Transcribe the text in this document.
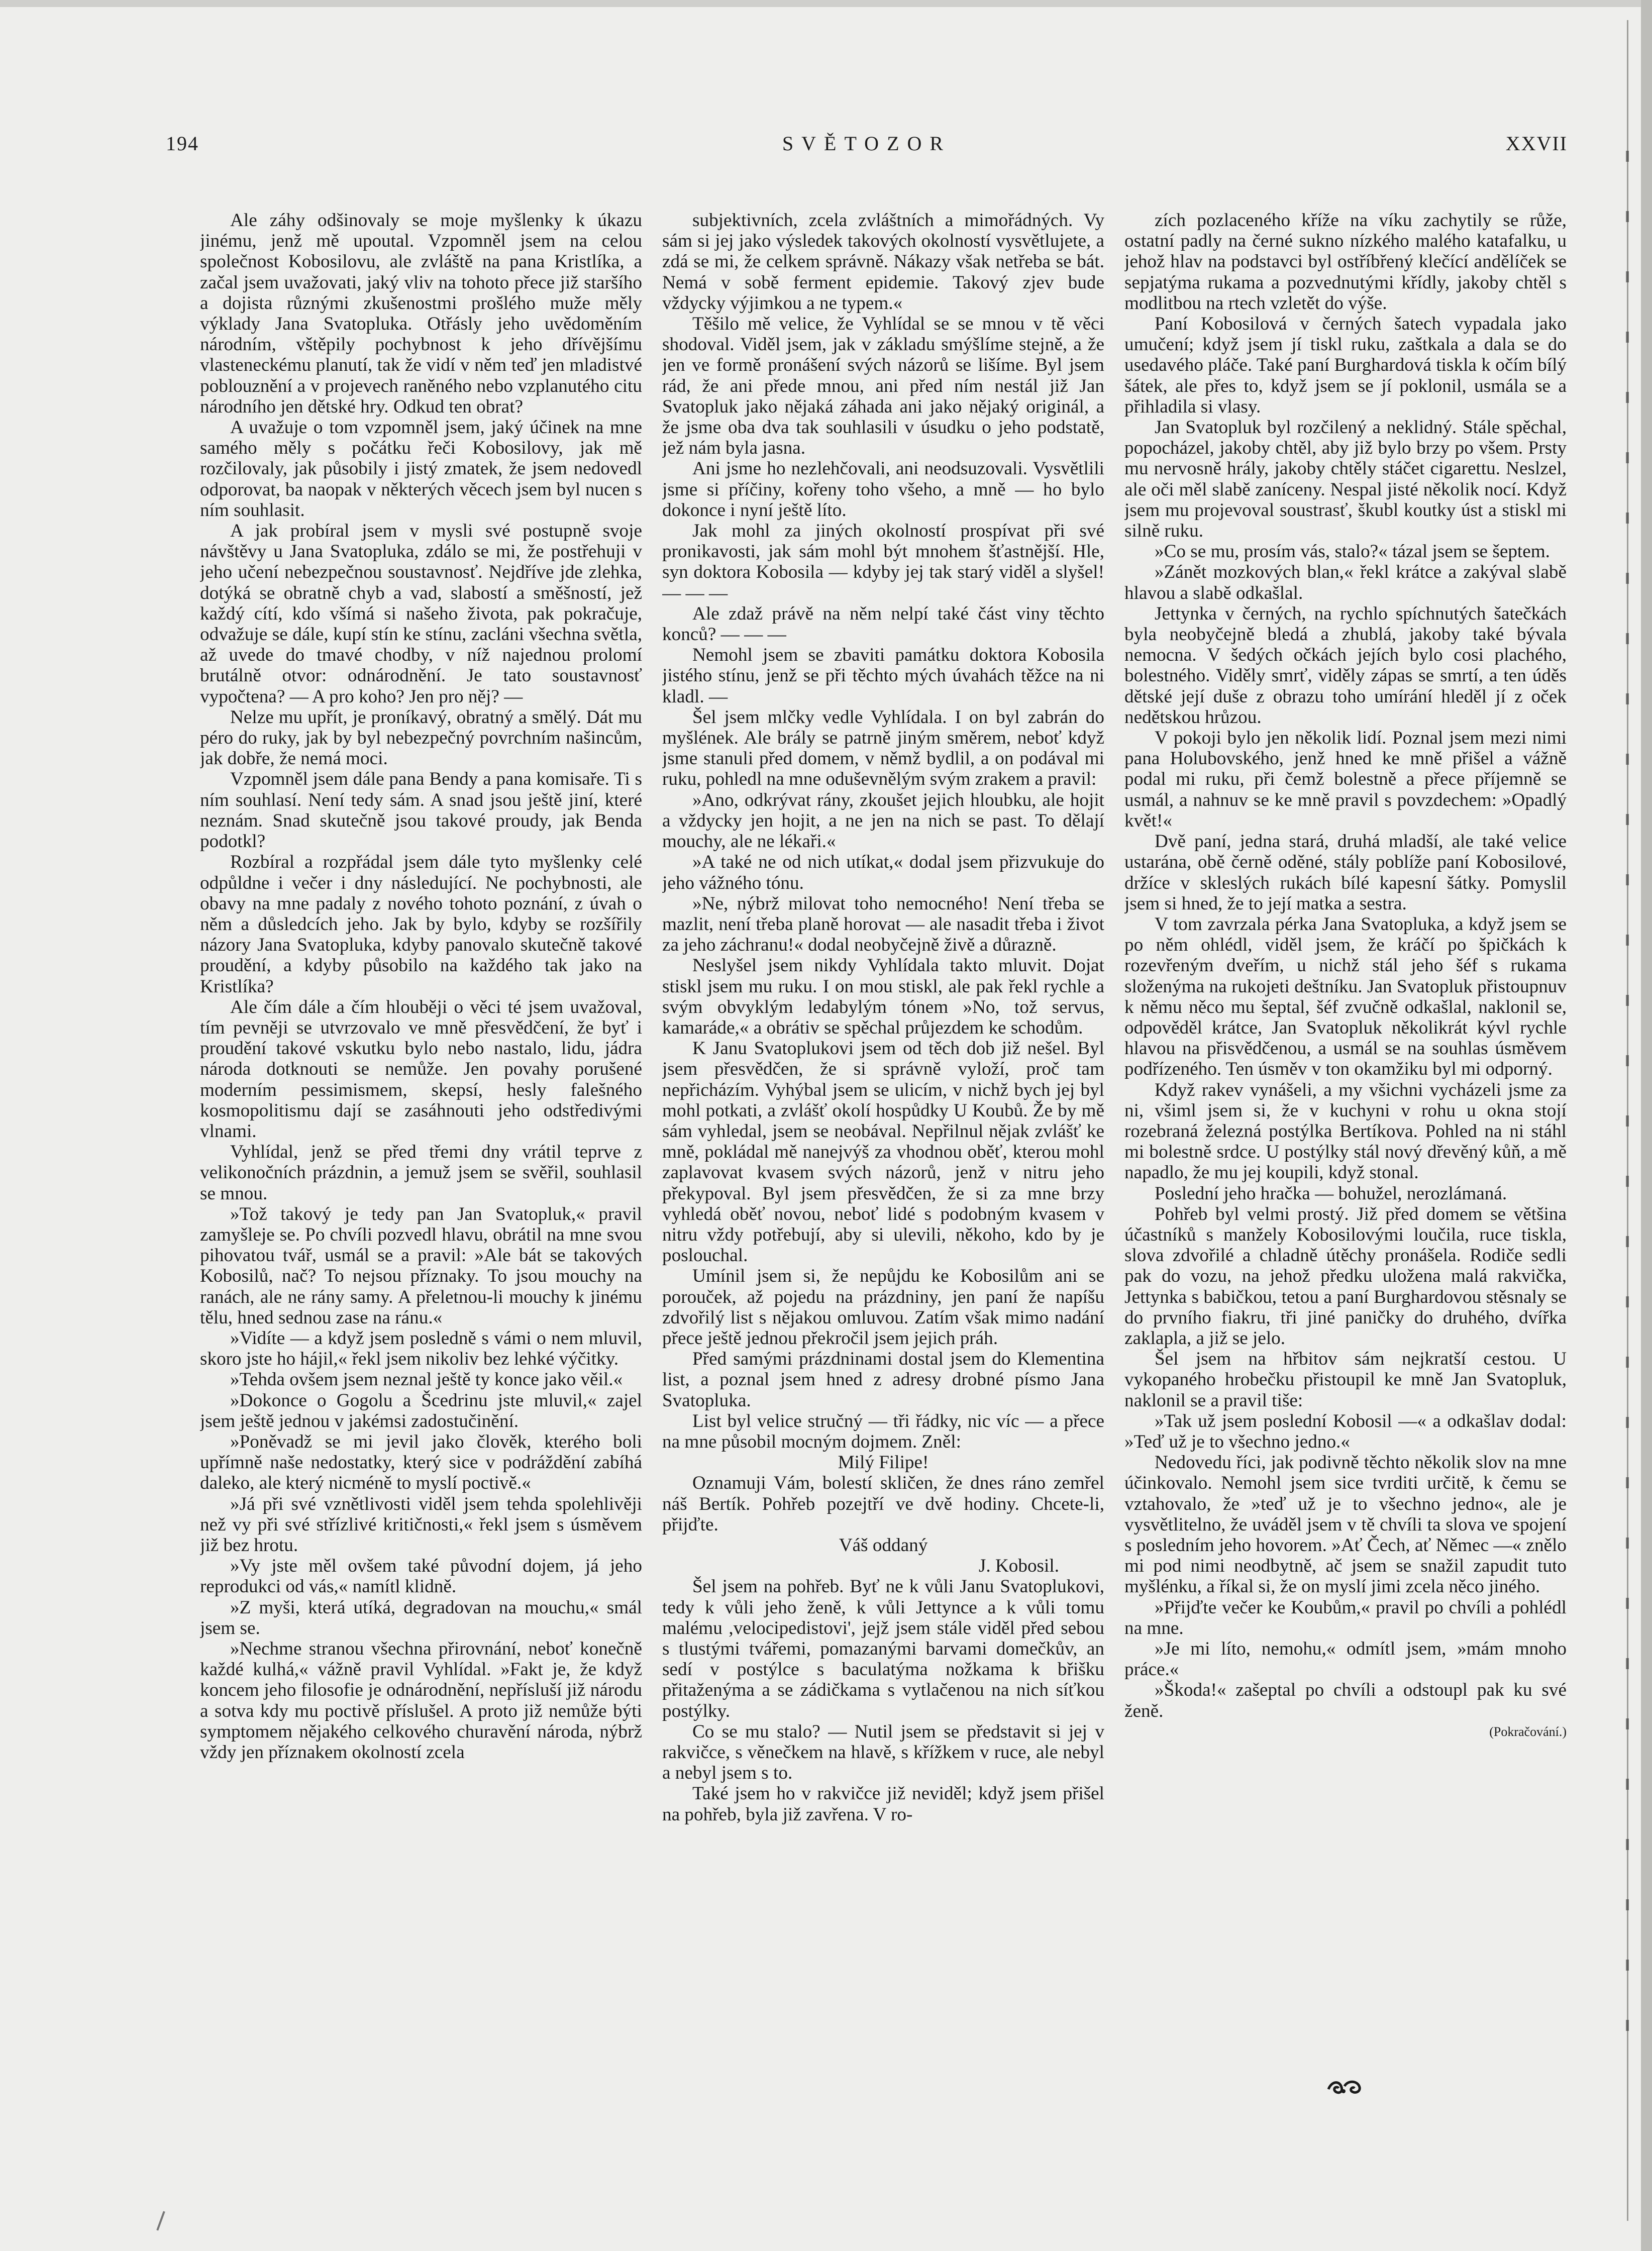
194	SVĚTOZOR	XXVII

Ale záhy odšinovaly se moje myšlenky k úkazu jinému, jenž mě upoutal. Vzpomněl jsem na celou společnost Kobosilovu, ale zvláště na pana Kristlíka, a začal jsem uvažovati, jaký vliv na tohoto přece již staršího a dojista různými zkušenostmi prošlého muže měly výklady Jana Svatopluka. Otřásly jeho uvědoměním národním, vštěpily pochybnost k jeho dřívějšímu vlasteneckému planutí, tak že vidí v něm teď jen mladistvé poblouznění a v projevech raněného nebo vzplanutého citu národního jen dětské hry. Odkud ten obrat?

A uvažuje o tom vzpomněl jsem, jaký účinek na mne samého měly s počátku řeči Kobosilovy, jak mě rozčilovaly, jak působily i jistý zmatek, že jsem nedovedl odporovat, ba naopak v některých věcech jsem byl nucen s ním souhlasit.

A jak probíral jsem v mysli své postupně svoje návštěvy u Jana Svatopluka, zdálo se mi, že postřehuji v jeho učení nebezpečnou soustavnosť. Nejdříve jde zlehka, dotýká se obratně chyb a vad, slabostí a směšností, jež každý cítí, kdo všímá si našeho života, pak pokračuje, odvažuje se dále, kupí stín ke stínu, zacláni všechna světla, až uvede do tmavé chodby, v níž najednou prolomí brutálně otvor: odnárodnění. Je tato soustavnosť vypočtena? — A pro koho? Jen pro něj? —

Nelze mu upřít, je proníkavý, obratný a smělý. Dát mu péro do ruky, jak by byl nebezpečný povrchním našincům, jak dobře, že nemá moci.

Vzpomněl jsem dále pana Bendy a pana komisaře. Ti s ním souhlasí. Není tedy sám. A snad jsou ještě jiní, které neznám. Snad skutečně jsou takové proudy, jak Benda podotkl?

Rozbíral a rozpřádal jsem dále tyto myšlenky celé odpůldne i večer i dny následující. Ne pochybnosti, ale obavy na mne padaly z nového tohoto poznání, z úvah o něm a důsledcích jeho. Jak by bylo, kdyby se rozšířily názory Jana Svatopluka, kdyby panovalo skutečně takové proudění, a kdyby působilo na každého tak jako na Kristlíka?

Ale čím dále a čím hlouběji o věci té jsem uvažoval, tím pevněji se utvrzovalo ve mně přesvědčení, že byť i proudění takové vskutku bylo nebo nastalo, lidu, jádra národa dotknouti se nemůže. Jen povahy porušené moderním pessimismem, skepsí, hesly falešného kosmopolitismu dají se zasáhnouti jeho odstředivými vlnami.

Vyhlídal, jenž se před třemi dny vrátil teprve z velikonočních prázdnin, a jemuž jsem se svěřil, souhlasil se mnou.

»Tož takový je tedy pan Jan Svatopluk,« pravil zamyšleje se. Po chvíli pozvedl hlavu, obrátil na mne svou pihovatou tvář, usmál se a pravil: »Ale bát se takových Kobosilů, nač? To nejsou příznaky. To jsou mouchy na ranách, ale ne rány samy. A přeletnou-li mouchy k jinému tělu, hned sednou zase na ránu.«

»Vidíte — a když jsem posledně s vámi o nem mluvil, skoro jste ho hájil,« řekl jsem nikoliv bez lehké výčitky.

»Tehda ovšem jsem neznal ještě ty konce jako věil.«

»Dokonce o Gogolu a Šcedrinu jste mluvil,« zajel jsem ještě jednou v jakémsi zadostučinění.

»Poněvadž se mi jevil jako člověk, kterého boli upřímně naše nedostatky, který sice v podráždění zabíhá daleko, ale který nicméně to myslí poctivě.«

»Já při své vznětlivosti viděl jsem tehda spolehlivěji než vy při své střízlivé kritičnosti,« řekl jsem s úsměvem již bez hrotu.

»Vy jste měl ovšem také původní dojem, já jeho reprodukci od vás,« namítl klidně.

»Z myši, která utíká, degradovan na mouchu,« smál jsem se.

»Nechme stranou všechna přirovnání, neboť konečně každé kulhá,« vážně pravil Vyhlídal. »Fakt je, že když koncem jeho filosofie je odnárodnění, nepřísluší již národu a sotva kdy mu poctivě příslušel. A proto již nemůže býti symptomem nějakého celkového churavění národa, nýbrž vždy jen příznakem okolností zcela

subjektivních, zcela zvláštních a mimořádných. Vy sám si jej jako výsledek takových okolností vysvětlujete, a zdá se mi, že celkem správně. Nákazy však netřeba se bát. Nemá v sobě ferment epidemie. Takový zjev bude vždycky výjimkou a ne typem.«

Těšilo mě velice, že Vyhlídal se se mnou v tě věci shodoval. Viděl jsem, jak v základu smýšlíme stejně, a že jen ve formě pronášení svých názorů se lišíme. Byl jsem rád, že ani přede mnou, ani před ním nestál již Jan Svatopluk jako nějaká záhada ani jako nějaký originál, a že jsme oba dva tak souhlasili v úsudku o jeho podstatě, jež nám byla jasna.

Ani jsme ho nezlehčovali, ani neodsuzovali. Vysvětlili jsme si příčiny, kořeny toho všeho, a mně — ho bylo dokonce i nyní ještě líto.

Jak mohl za jiných okolností prospívat při své pronikavosti, jak sám mohl být mnohem šťastnější. Hle, syn doktora Kobosila — kdyby jej tak starý viděl a slyšel! — — —

Ale zdaž právě na něm nelpí také část viny těchto konců? — — —

Nemohl jsem se zbaviti památku doktora Kobosila jistého stínu, jenž se při těchto mých úvahách těžce na ni kladl. —

Šel jsem mlčky vedle Vyhlídala. I on byl zabrán do myšlének. Ale brály se patrně jiným směrem, neboť když jsme stanuli před domem, v němž bydlil, a on podával mi ruku, pohledl na mne oduševnělým svým zrakem a pravil:

»Ano, odkrývat rány, zkoušet jejich hloubku, ale hojit a vždycky jen hojit, a ne jen na nich se past. To dělají mouchy, ale ne lékaři.«

»A také ne od nich utíkat,« dodal jsem přizvukuje do jeho vážného tónu.

»Ne, nýbrž milovat toho nemocného! Není třeba se mazlit, není třeba planě horovat — ale nasadit třeba i život za jeho záchranu!« dodal neobyčejně živě a důrazně.

Neslyšel jsem nikdy Vyhlídala takto mluvit. Dojat stiskl jsem mu ruku. I on mou stiskl, ale pak řekl rychle a svým obvyklým ledabylým tónem »No, tož servus, kamaráde,« a obrátiv se spěchal průjezdem ke schodům.

K Janu Svatoplukovi jsem od těch dob již nešel. Byl jsem přesvědčen, že si správně vyloží, proč tam nepřicházím. Vyhýbal jsem se ulicím, v nichž bych jej byl mohl potkati, a zvlášť okolí hospůdky U Koubů. Že by mě sám vyhledal, jsem se neobával. Nepřilnul nějak zvlášť ke mně, pokládal mě nanejvýš za vhodnou oběť, kterou mohl zaplavovat kvasem svých názorů, jenž v nitru jeho překypoval. Byl jsem přesvědčen, že si za mne brzy vyhledá oběť novou, neboť lidé s podobným kvasem v nitru vždy potřebují, aby si ulevili, někoho, kdo by je poslouchal.

Umínil jsem si, že nepůjdu ke Kobosilům ani se porouček, až pojedu na prázdniny, jen paní že napíšu zdvořilý list s nějakou omluvou. Zatím však mimo nadání přece ještě jednou překročil jsem jejich práh.

Před samými prázdninami dostal jsem do Klementina list, a poznal jsem hned z adresy drobné písmo Jana Svatopluka.

List byl velice stručný — tři řádky, nic víc — a přece na mne působil mocným dojmem. Zněl:

Milý Filipe!

Oznamuji Vám, bolestí skličen, že dnes ráno zemřel náš Bertík. Pohřeb pozejtří ve dvě hodiny. Chcete-li, přijďte.

Váš oddaný

J. Kobosil.

Šel jsem na pohřeb. Byť ne k vůli Janu Svatoplukovi, tedy k vůli jeho ženě, k vůli Jettynce a k vůli tomu malému ,velocipedistovi', jejž jsem stále viděl před sebou s tlustými tvářemi, pomazanými barvami domečkův, an sedí v postýlce s baculatýma nožkama k břišku přitaženýma a se zádičkama s vytlačenou na nich síťkou postýlky.

Co se mu stalo? — Nutil jsem se představit si jej v rakvičce, s věnečkem na hlavě, s křížkem v ruce, ale nebyl a nebyl jsem s to.

Také jsem ho v rakvičce již neviděl; když jsem přišel na pohřeb, byla již zavřena. V ro-

zích pozlaceného kříže na víku zachytily se růže, ostatní padly na černé sukno nízkého malého katafalku, u jehož hlav na podstavci byl ostříbřený klečící andělíček se sepjatýma rukama a pozvednutými křídly, jakoby chtěl s modlitbou na rtech vzletět do výše.

Paní Kobosilová v černých šatech vypadala jako umučení; když jsem jí tiskl ruku, zaštkala a dala se do usedavého pláče. Také paní Burghardová tiskla k očím bílý šátek, ale přes to, když jsem se jí poklonil, usmála se a přihladila si vlasy.

Jan Svatopluk byl rozčilený a neklidný. Stále spěchal, popocházel, jakoby chtěl, aby již bylo brzy po všem. Prsty mu nervosně hrály, jakoby chtěly stáčet cigarettu. Neslzel, ale oči měl slabě zaníceny. Nespal jisté několik nocí. Když jsem mu projevoval soustrasť, škubl koutky úst a stiskl mi silně ruku.

»Co se mu, prosím vás, stalo?« tázal jsem se šeptem.

»Zánět mozkových blan,« řekl krátce a zakýval slabě hlavou a slabě odkašlal.

Jettynka v černých, na rychlo spíchnutých šatečkách byla neobyčejně bledá a zhublá, jakoby také bývala nemocna. V šedých očkách jejích bylo cosi plachého, bolestného. Viděly smrť, viděly zápas se smrtí, a ten úděs dětské její duše z obrazu toho umírání hleděl jí z oček nedětskou hrůzou.

V pokoji bylo jen několik lidí. Poznal jsem mezi nimi pana Holubovského, jenž hned ke mně přišel a vážně podal mi ruku, při čemž bolestně a přece příjemně se usmál, a nahnuv se ke mně pravil s povzdechem: »Opadlý květ!«

Dvě paní, jedna stará, druhá mladší, ale také velice ustarána, obě černě oděné, stály poblíže paní Kobosilové, držíce v skleslých rukách bílé kapesní šátky. Pomyslil jsem si hned, že to její matka a sestra.

V tom zavrzala pérka Jana Svatopluka, a když jsem se po něm ohlédl, viděl jsem, že kráčí po špičkách k rozevřeným dveřím, u nichž stál jeho šéf s rukama složenýma na rukojeti deštníku. Jan Svatopluk přistoupnuv k němu něco mu šeptal, šéf zvučně odkašlal, naklonil se, odpověděl krátce, Jan Svatopluk několikrát kývl rychle hlavou na přisvědčenou, a usmál se na souhlas úsměvem podřízeného. Ten úsměv v ton okamžiku byl mi odporný.

Když rakev vynášeli, a my všichni vycházeli jsme za ni, všiml jsem si, že v kuchyni v rohu u okna stojí rozebraná železná postýlka Bertíkova. Pohled na ni stáhl mi bolestně srdce. U postýlky stál nový dřevěný kůň, a mě napadlo, že mu jej koupili, když stonal.

Poslední jeho hračka — bohužel, nerozlámaná.

Pohřeb byl velmi prostý. Již před domem se většina účastníků s manžely Kobosilovými loučila, ruce tiskla, slova zdvořilé a chladně útěchy pronášela. Rodiče sedli pak do vozu, na jehož předku uložena malá rakvička, Jettynka s babičkou, tetou a paní Burghardovou stěsnaly se do prvního fiakru, tři jiné paničky do druhého, dvířka zaklapla, a již se jelo.

Šel jsem na hřbitov sám nejkratší cestou. U vykopaného hrobečku přistoupil ke mně Jan Svatopluk, naklonil se a pravil tiše:

»Tak už jsem poslední Kobosil —« a odkašlav dodal: »Teď už je to všechno jedno.«

Nedovedu říci, jak podivně těchto několik slov na mne účinkovalo. Nemohl jsem sice tvrditi určitě, k čemu se vztahovalo, že »teď už je to všechno jedno«, ale je vysvětlitelno, že uváděl jsem v tě chvíli ta slova ve spojení s posledním jeho hovorem. »Ať Čech, ať Němec —« znělo mi pod nimi neodbytně, ač jsem se snažil zapudit tuto myšlénku, a říkal si, že on myslí jimi zcela něco jiného.

»Přijďte večer ke Koubům,« pravil po chvíli a pohlédl na mne.

»Je mi líto, nemohu,« odmítl jsem, »mám mnoho práce.«

»Škoda!« zašeptal po chvíli a odstoupl pak ku své ženě.

(Pokračování.)
